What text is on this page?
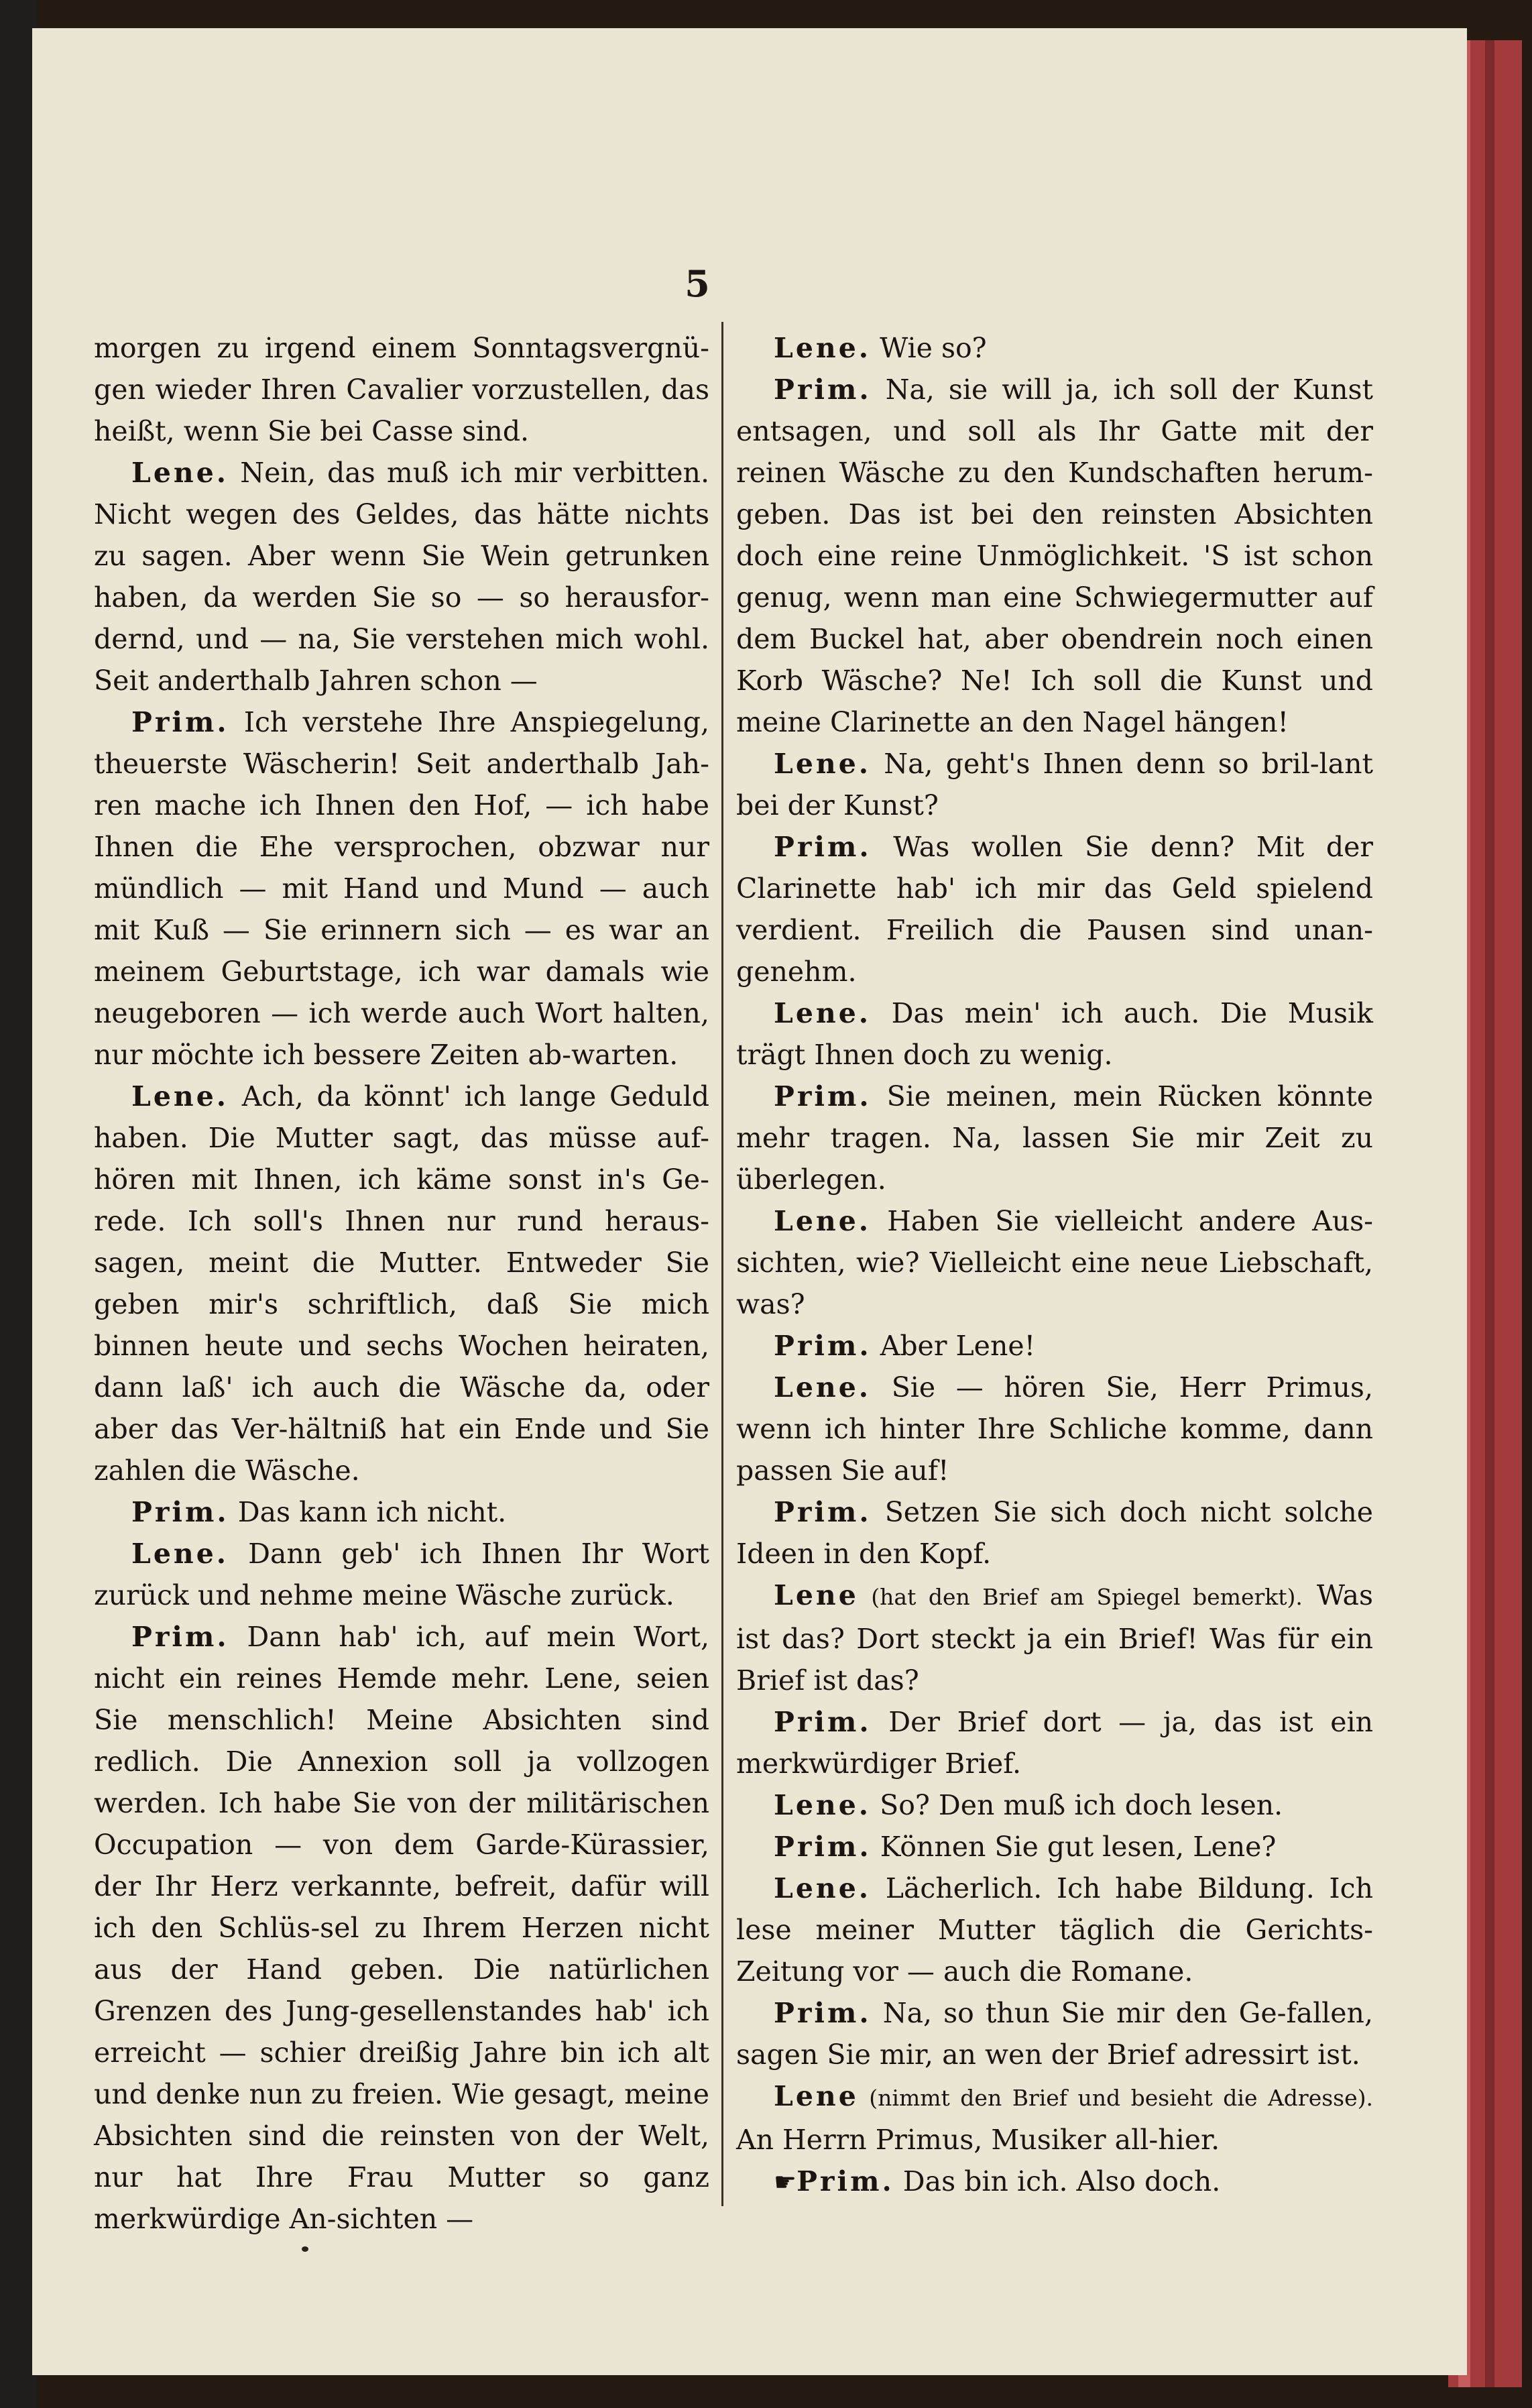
5

morgen zu irgend einem Sonntagsvergnü-gen wieder Ihren Cavalier vorzustellen, das heißt, wenn Sie bei Casse sind.

Lene. Nein, das muß ich mir verbitten. Nicht wegen des Geldes, das hätte nichts zu sagen. Aber wenn Sie Wein getrunken haben, da werden Sie so — so herausfor-dernd, und — na, Sie verstehen mich wohl. Seit anderthalb Jahren schon —

Prim. Ich verstehe Ihre Anspiegelung, theuerste Wäscherin! Seit anderthalb Jah-ren mache ich Ihnen den Hof, — ich habe Ihnen die Ehe versprochen, obzwar nur mündlich — mit Hand und Mund — auch mit Kuß — Sie erinnern sich — es war an meinem Geburtstage, ich war damals wie neugeboren — ich werde auch Wort halten, nur möchte ich bessere Zeiten ab-warten.

Lene. Ach, da könnt' ich lange Geduld haben. Die Mutter sagt, das müsse auf-hören mit Ihnen, ich käme sonst in's Ge-rede. Ich soll's Ihnen nur rund heraus-sagen, meint die Mutter. Entweder Sie geben mir's schriftlich, daß Sie mich binnen heute und sechs Wochen heiraten, dann laß' ich auch die Wäsche da, oder aber das Ver-hältniß hat ein Ende und Sie zahlen die Wäsche.

Prim. Das kann ich nicht.

Lene. Dann geb' ich Ihnen Ihr Wort zurück und nehme meine Wäsche zurück.

Prim. Dann hab' ich, auf mein Wort, nicht ein reines Hemde mehr. Lene, seien Sie menschlich! Meine Absichten sind redlich. Die Annexion soll ja vollzogen werden. Ich habe Sie von der militärischen Occupation — von dem Garde-Kürassier, der Ihr Herz verkannte, befreit, dafür will ich den Schlüs-sel zu Ihrem Herzen nicht aus der Hand geben. Die natürlichen Grenzen des Jung-gesellenstandes hab' ich erreicht — schier dreißig Jahre bin ich alt und denke nun zu freien. Wie gesagt, meine Absichten sind die reinsten von der Welt, nur hat Ihre Frau Mutter so ganz merkwürdige An-sichten —

Lene. Wie so?

Prim. Na, sie will ja, ich soll der Kunst entsagen, und soll als Ihr Gatte mit der reinen Wäsche zu den Kundschaften herum-geben. Das ist bei den reinsten Absichten doch eine reine Unmöglichkeit. 'S ist schon genug, wenn man eine Schwiegermutter auf dem Buckel hat, aber obendrein noch einen Korb Wäsche? Ne! Ich soll die Kunst und meine Clarinette an den Nagel hängen!

Lene. Na, geht's Ihnen denn so bril-lant bei der Kunst?

Prim. Was wollen Sie denn? Mit der Clarinette hab' ich mir das Geld spielend verdient. Freilich die Pausen sind unan-genehm.

Lene. Das mein' ich auch. Die Musik trägt Ihnen doch zu wenig.

Prim. Sie meinen, mein Rücken könnte mehr tragen. Na, lassen Sie mir Zeit zu überlegen.

Lene. Haben Sie vielleicht andere Aus-sichten, wie? Vielleicht eine neue Liebschaft, was?

Prim. Aber Lene!

Lene. Sie — hören Sie, Herr Primus, wenn ich hinter Ihre Schliche komme, dann passen Sie auf!

Prim. Setzen Sie sich doch nicht solche Ideen in den Kopf.

Lene (hat den Brief am Spiegel bemerkt). Was ist das? Dort steckt ja ein Brief! Was für ein Brief ist das?

Prim. Der Brief dort — ja, das ist ein merkwürdiger Brief.

Lene. So? Den muß ich doch lesen.

Prim. Können Sie gut lesen, Lene?

Lene. Lächerlich. Ich habe Bildung. Ich lese meiner Mutter täglich die Gerichts-Zeitung vor — auch die Romane.

Prim. Na, so thun Sie mir den Ge-fallen, sagen Sie mir, an wen der Brief adressirt ist.

Lene (nimmt den Brief und besieht die Adresse). An Herrn Primus, Musiker all-hier.

☛Prim. Das bin ich. Also doch.
